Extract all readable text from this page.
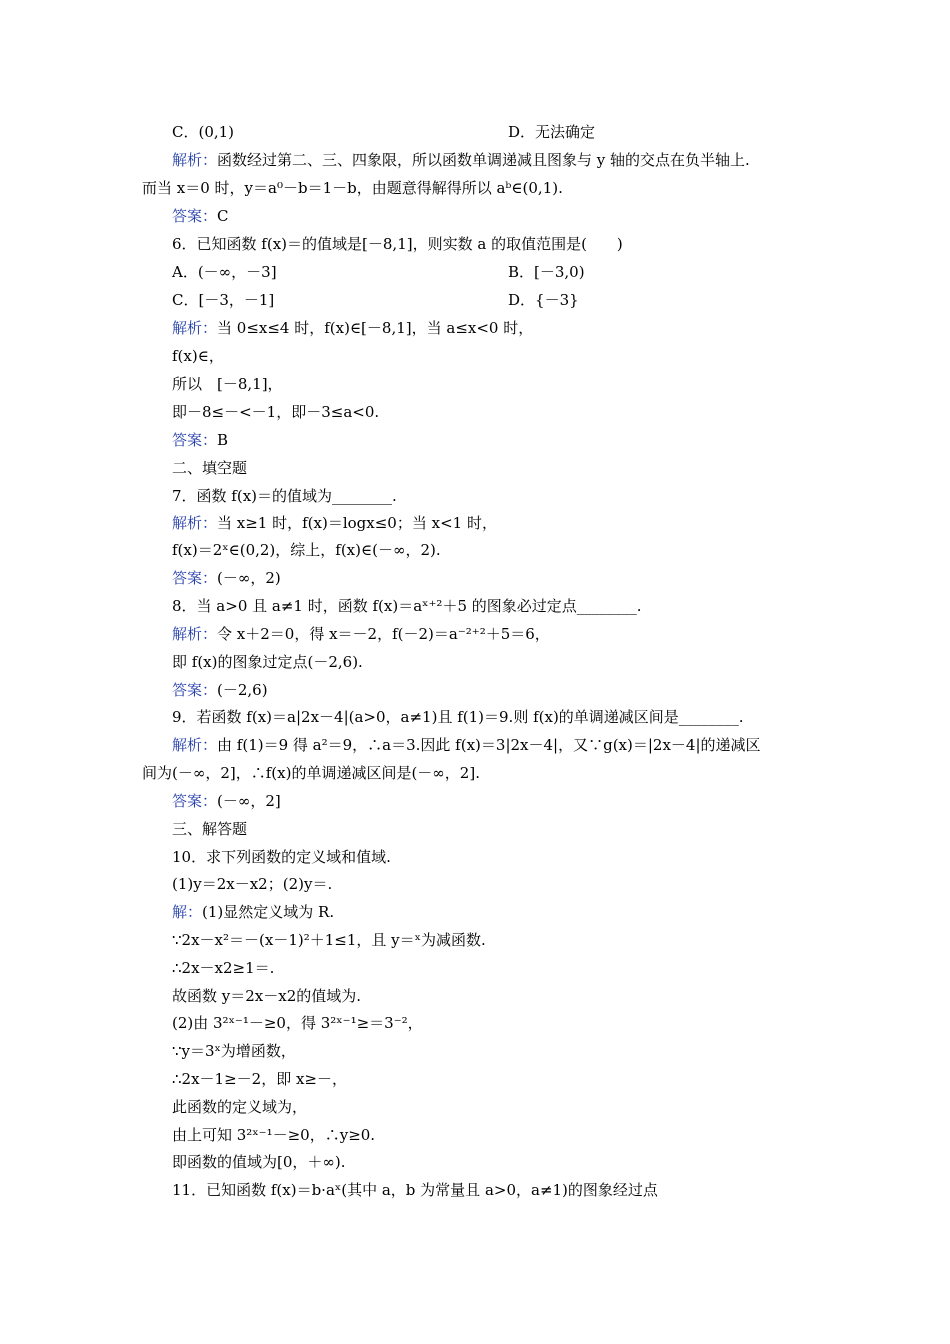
C．(0,1)	D．无法确定
解析：函数经过第二、三、四象限，所以函数单调递减且图象与 y 轴的交点在负半轴上.
而当 x＝0 时，y＝a⁰－b＝1－b，由题意得解得所以 aᵇ∈(0,1).
答案：C
6．已知函数 f(x)＝的值域是[－8,1]，则实数 a 的取值范围是(　　)
A．(－∞，－3]	B．[－3,0)
C．[－3，－1]	D．{－3}
解析：当 0≤x≤4 时，f(x)∈[－8,1]，当 a≤x<0 时，
f(x)∈，
所以　[－8,1]，
即－8≤－<－1，即－3≤a<0.
答案：B
二、填空题
7．函数 f(x)＝的值域为________.
解析：当 x≥1 时，f(x)＝logx≤0；当 x<1 时，
f(x)＝2ˣ∈(0,2)，综上，f(x)∈(－∞，2).
答案：(－∞，2)
8．当 a>0 且 a≠1 时，函数 f(x)＝aˣ⁺²＋5 的图象必过定点________.
解析：令 x＋2＝0，得 x＝－2，f(－2)＝a⁻²⁺²＋5＝6，
即 f(x)的图象过定点(－2,6).
答案：(－2,6)
9．若函数 f(x)＝a|2x－4|(a>0，a≠1)且 f(1)＝9.则 f(x)的单调递减区间是________.
解析：由 f(1)＝9 得 a²＝9，∴a＝3.因此 f(x)＝3|2x－4|，又∵g(x)＝|2x－4|的递减区
间为(－∞，2]，∴f(x)的单调递减区间是(－∞，2].
答案：(－∞，2]
三、解答题
10．求下列函数的定义域和值域.
(1)y＝2x－x2；(2)y＝.
解：(1)显然定义域为 R.
∵2x－x²＝－(x－1)²＋1≤1，且 y＝ˣ为减函数.
∴2x－x2≥1＝.
故函数 y＝2x－x2的值域为.
(2)由 3²ˣ⁻¹－≥0，得 3²ˣ⁻¹≥＝3⁻²，
∵y＝3ˣ为增函数，
∴2x－1≥－2，即 x≥－，
此函数的定义域为，
由上可知 3²ˣ⁻¹－≥0，∴y≥0.
即函数的值域为[0，＋∞).
11．已知函数 f(x)＝b·aˣ(其中 a，b 为常量且 a>0，a≠1)的图象经过点
